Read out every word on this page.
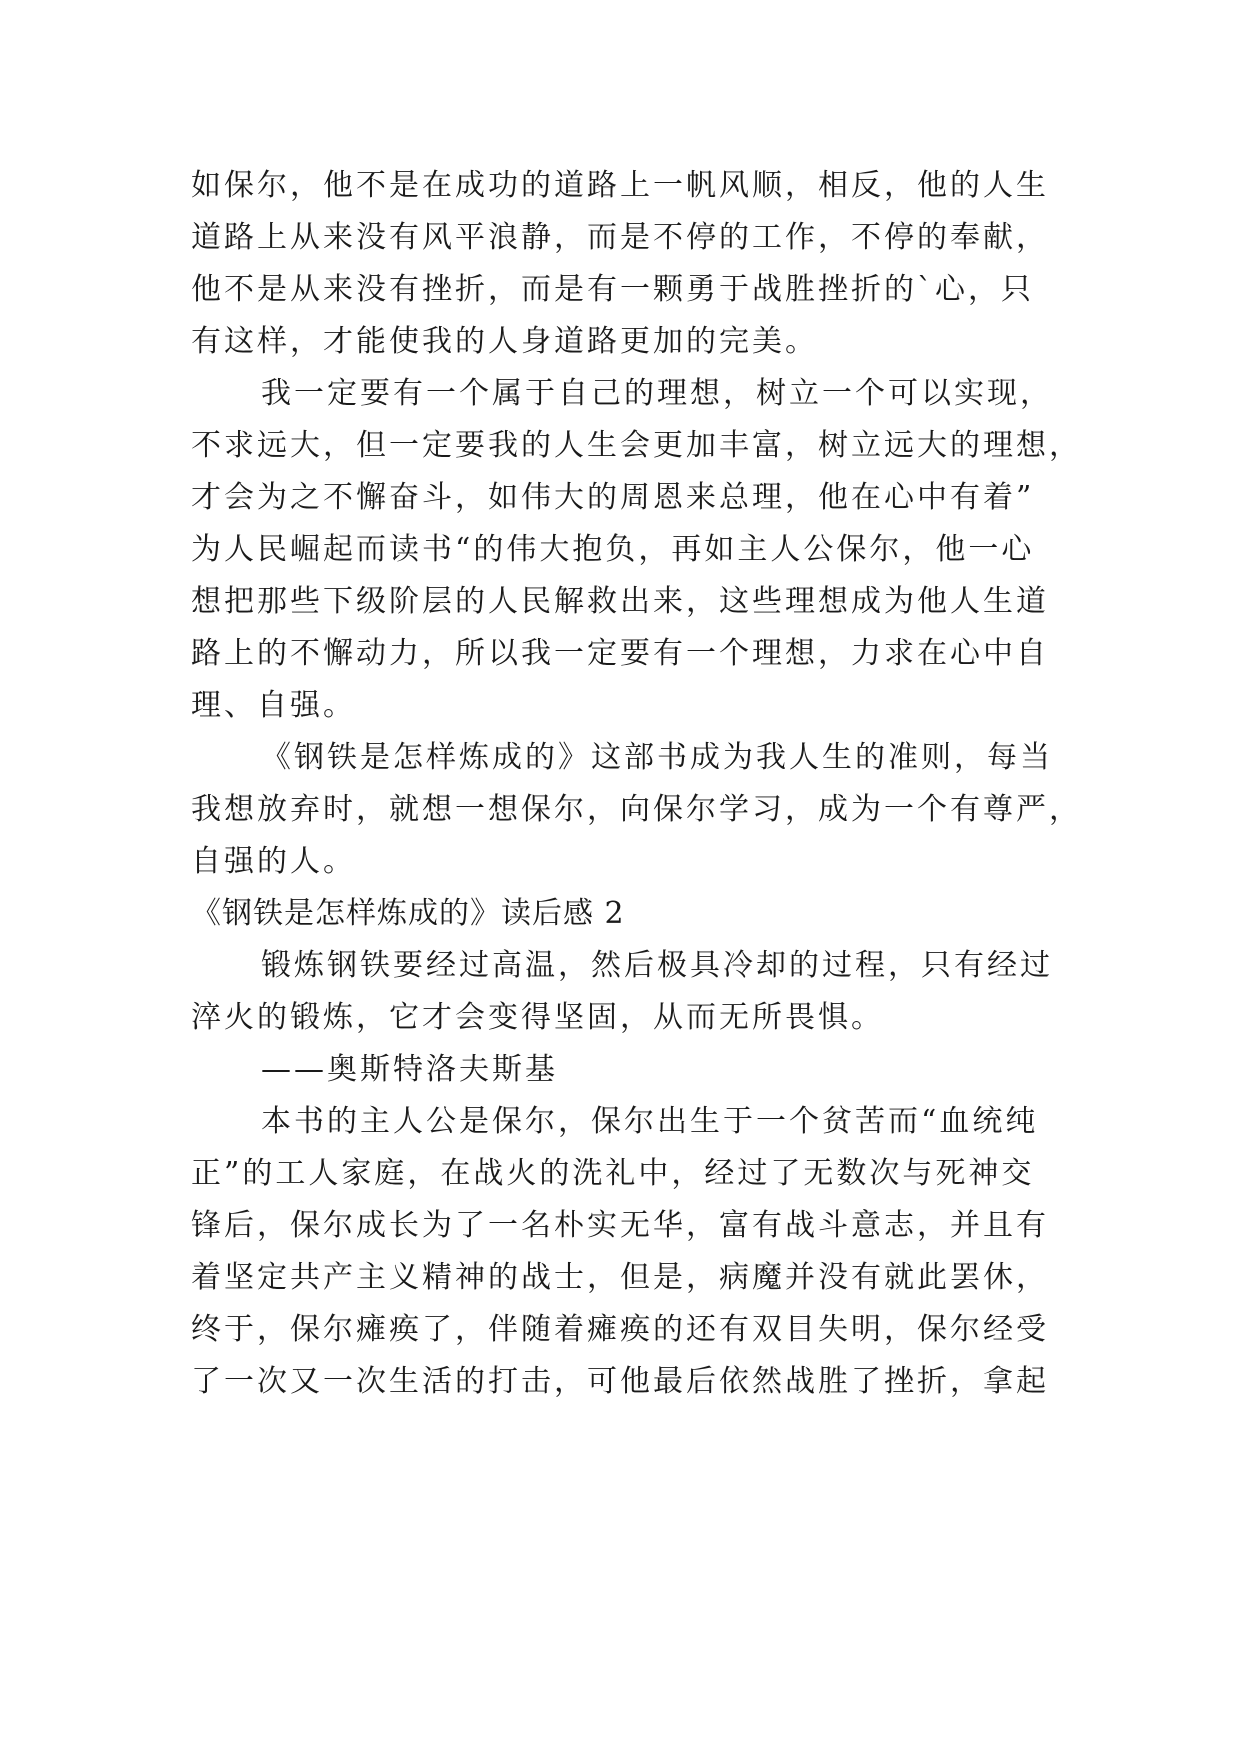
如保尔，他不是在成功的道路上一帆风顺，相反，他的人生

道路上从来没有风平浪静，而是不停的工作，不停的奉献，

他不是从来没有挫折，而是有一颗勇于战胜挫折的`心，只

有这样，才能使我的人身道路更加的完美。

我一定要有一个属于自己的理想，树立一个可以实现，

不求远大，但一定要我的人生会更加丰富，树立远大的理想，

才会为之不懈奋斗，如伟大的周恩来总理，他在心中有着”

为人民崛起而读书“的伟大抱负，再如主人公保尔，他一心

想把那些下级阶层的人民解救出来，这些理想成为他人生道

路上的不懈动力，所以我一定要有一个理想，力求在心中自

理、自强。

《钢铁是怎样炼成的》这部书成为我人生的准则，每当

我想放弃时，就想一想保尔，向保尔学习，成为一个有尊严，

自强的人。

《钢铁是怎样炼成的》读后感 2

锻炼钢铁要经过高温，然后极具冷却的过程，只有经过

淬火的锻炼，它才会变得坚固，从而无所畏惧。

——奥斯特洛夫斯基

本书的主人公是保尔，保尔出生于一个贫苦而“血统纯

正”的工人家庭，在战火的洗礼中，经过了无数次与死神交

锋后，保尔成长为了一名朴实无华，富有战斗意志，并且有

着坚定共产主义精神的战士，但是，病魔并没有就此罢休，

终于，保尔瘫痪了，伴随着瘫痪的还有双目失明，保尔经受

了一次又一次生活的打击，可他最后依然战胜了挫折，拿起
